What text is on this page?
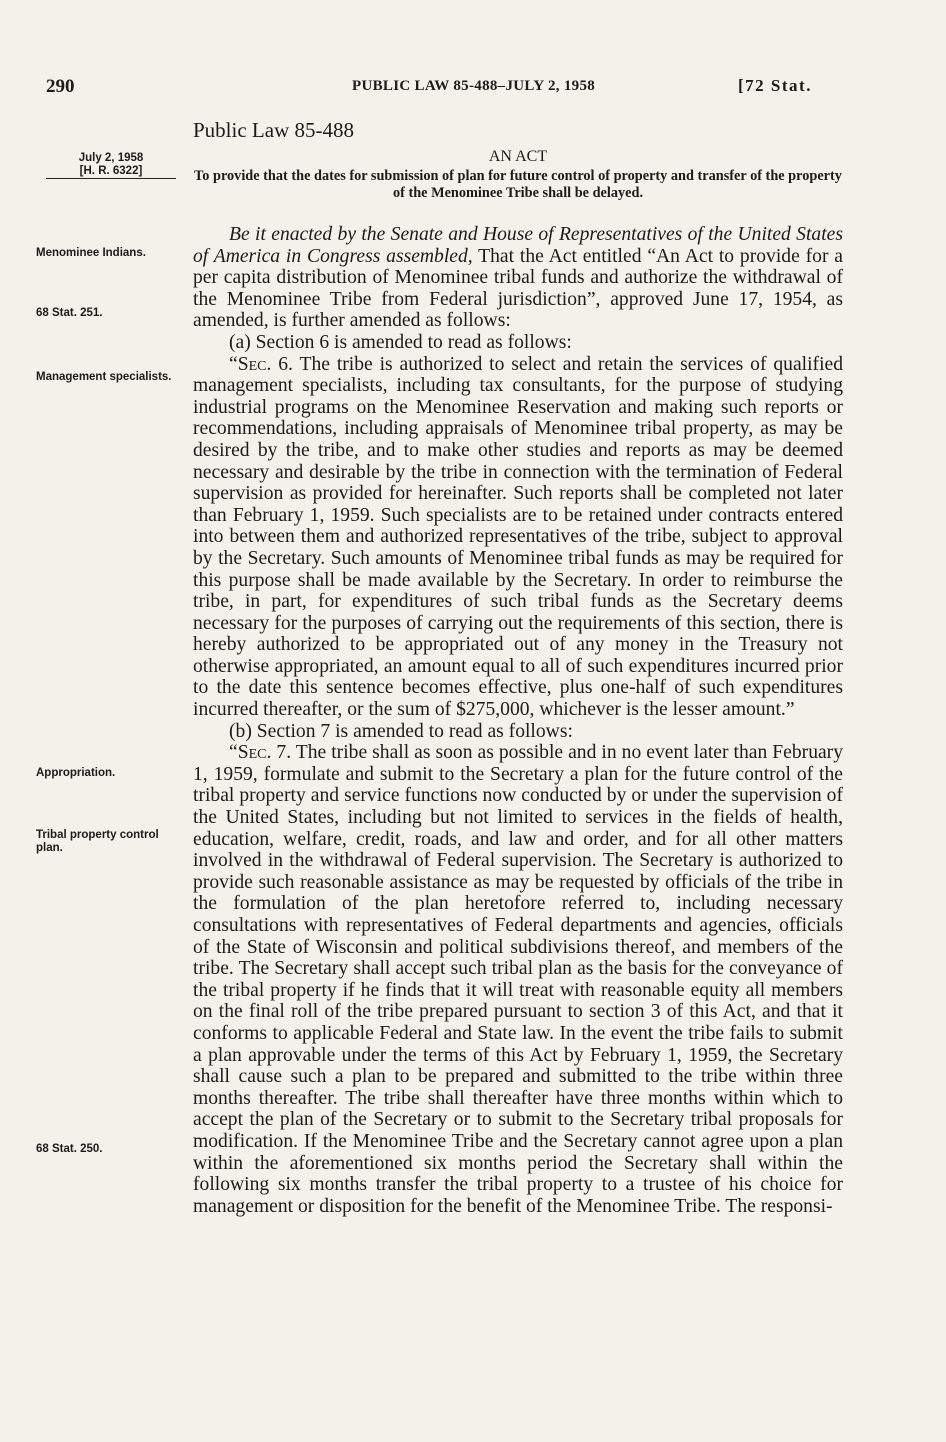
290	PUBLIC LAW 85-488–JULY 2, 1958	[72 Stat.
Public Law 85-488
July 2, 1958
[H. R. 6322]
AN ACT
To provide that the dates for submission of plan for future control of property and transfer of the property of the Menominee Tribe shall be delayed.

Be it enacted by the Senate and House of Representatives of the United States of America in Congress assembled, That the Act entitled “An Act to provide for a per capita distribution of Menominee tribal funds and authorize the withdrawal of the Menominee Tribe from Federal jurisdiction”, approved June 17, 1954, as amended, is further amended as follows:

(a) Section 6 is amended to read as follows:

“Sec. 6. The tribe is authorized to select and retain the services of qualified management specialists, including tax consultants, for the purpose of studying industrial programs on the Menominee Reservation and making such reports or recommendations, including appraisals of Menominee tribal property, as may be desired by the tribe, and to make other studies and reports as may be deemed necessary and desirable by the tribe in connection with the termination of Federal supervision as provided for hereinafter. Such reports shall be completed not later than February 1, 1959. Such specialists are to be retained under contracts entered into between them and authorized representatives of the tribe, subject to approval by the Secretary. Such amounts of Menominee tribal funds as may be required for this purpose shall be made available by the Secretary. In order to reimburse the tribe, in part, for expenditures of such tribal funds as the Secretary deems necessary for the purposes of carrying out the requirements of this section, there is hereby authorized to be appropriated out of any money in the Treasury not otherwise appropriated, an amount equal to all of such expenditures incurred prior to the date this sentence becomes effective, plus one-half of such expenditures incurred thereafter, or the sum of $275,000, whichever is the lesser amount.”

(b) Section 7 is amended to read as follows:

“Sec. 7. The tribe shall as soon as possible and in no event later than February 1, 1959, formulate and submit to the Secretary a plan for the future control of the tribal property and service functions now conducted by or under the supervision of the United States, including but not limited to services in the fields of health, education, welfare, credit, roads, and law and order, and for all other matters involved in the withdrawal of Federal supervision. The Secretary is authorized to provide such reasonable assistance as may be requested by officials of the tribe in the formulation of the plan heretofore referred to, including necessary consultations with representatives of Federal departments and agencies, officials of the State of Wisconsin and political subdivisions thereof, and members of the tribe. The Secretary shall accept such tribal plan as the basis for the conveyance of the tribal property if he finds that it will treat with reasonable equity all members on the final roll of the tribe prepared pursuant to section 3 of this Act, and that it conforms to applicable Federal and State law. In the event the tribe fails to submit a plan approvable under the terms of this Act by February 1, 1959, the Secretary shall cause such a plan to be prepared and submitted to the tribe within three months thereafter. The tribe shall thereafter have three months within which to accept the plan of the Secretary or to submit to the Secretary tribal proposals for modification. If the Menominee Tribe and the Secretary cannot agree upon a plan within the aforementioned six months period the Secretary shall within the following six months transfer the tribal property to a trustee of his choice for management or disposition for the benefit of the Menominee Tribe. The responsi-

Menominee Indians.
68 Stat. 251.
Management specialists.
Appropriation.
Tribal property control plan.
68 Stat. 250.
